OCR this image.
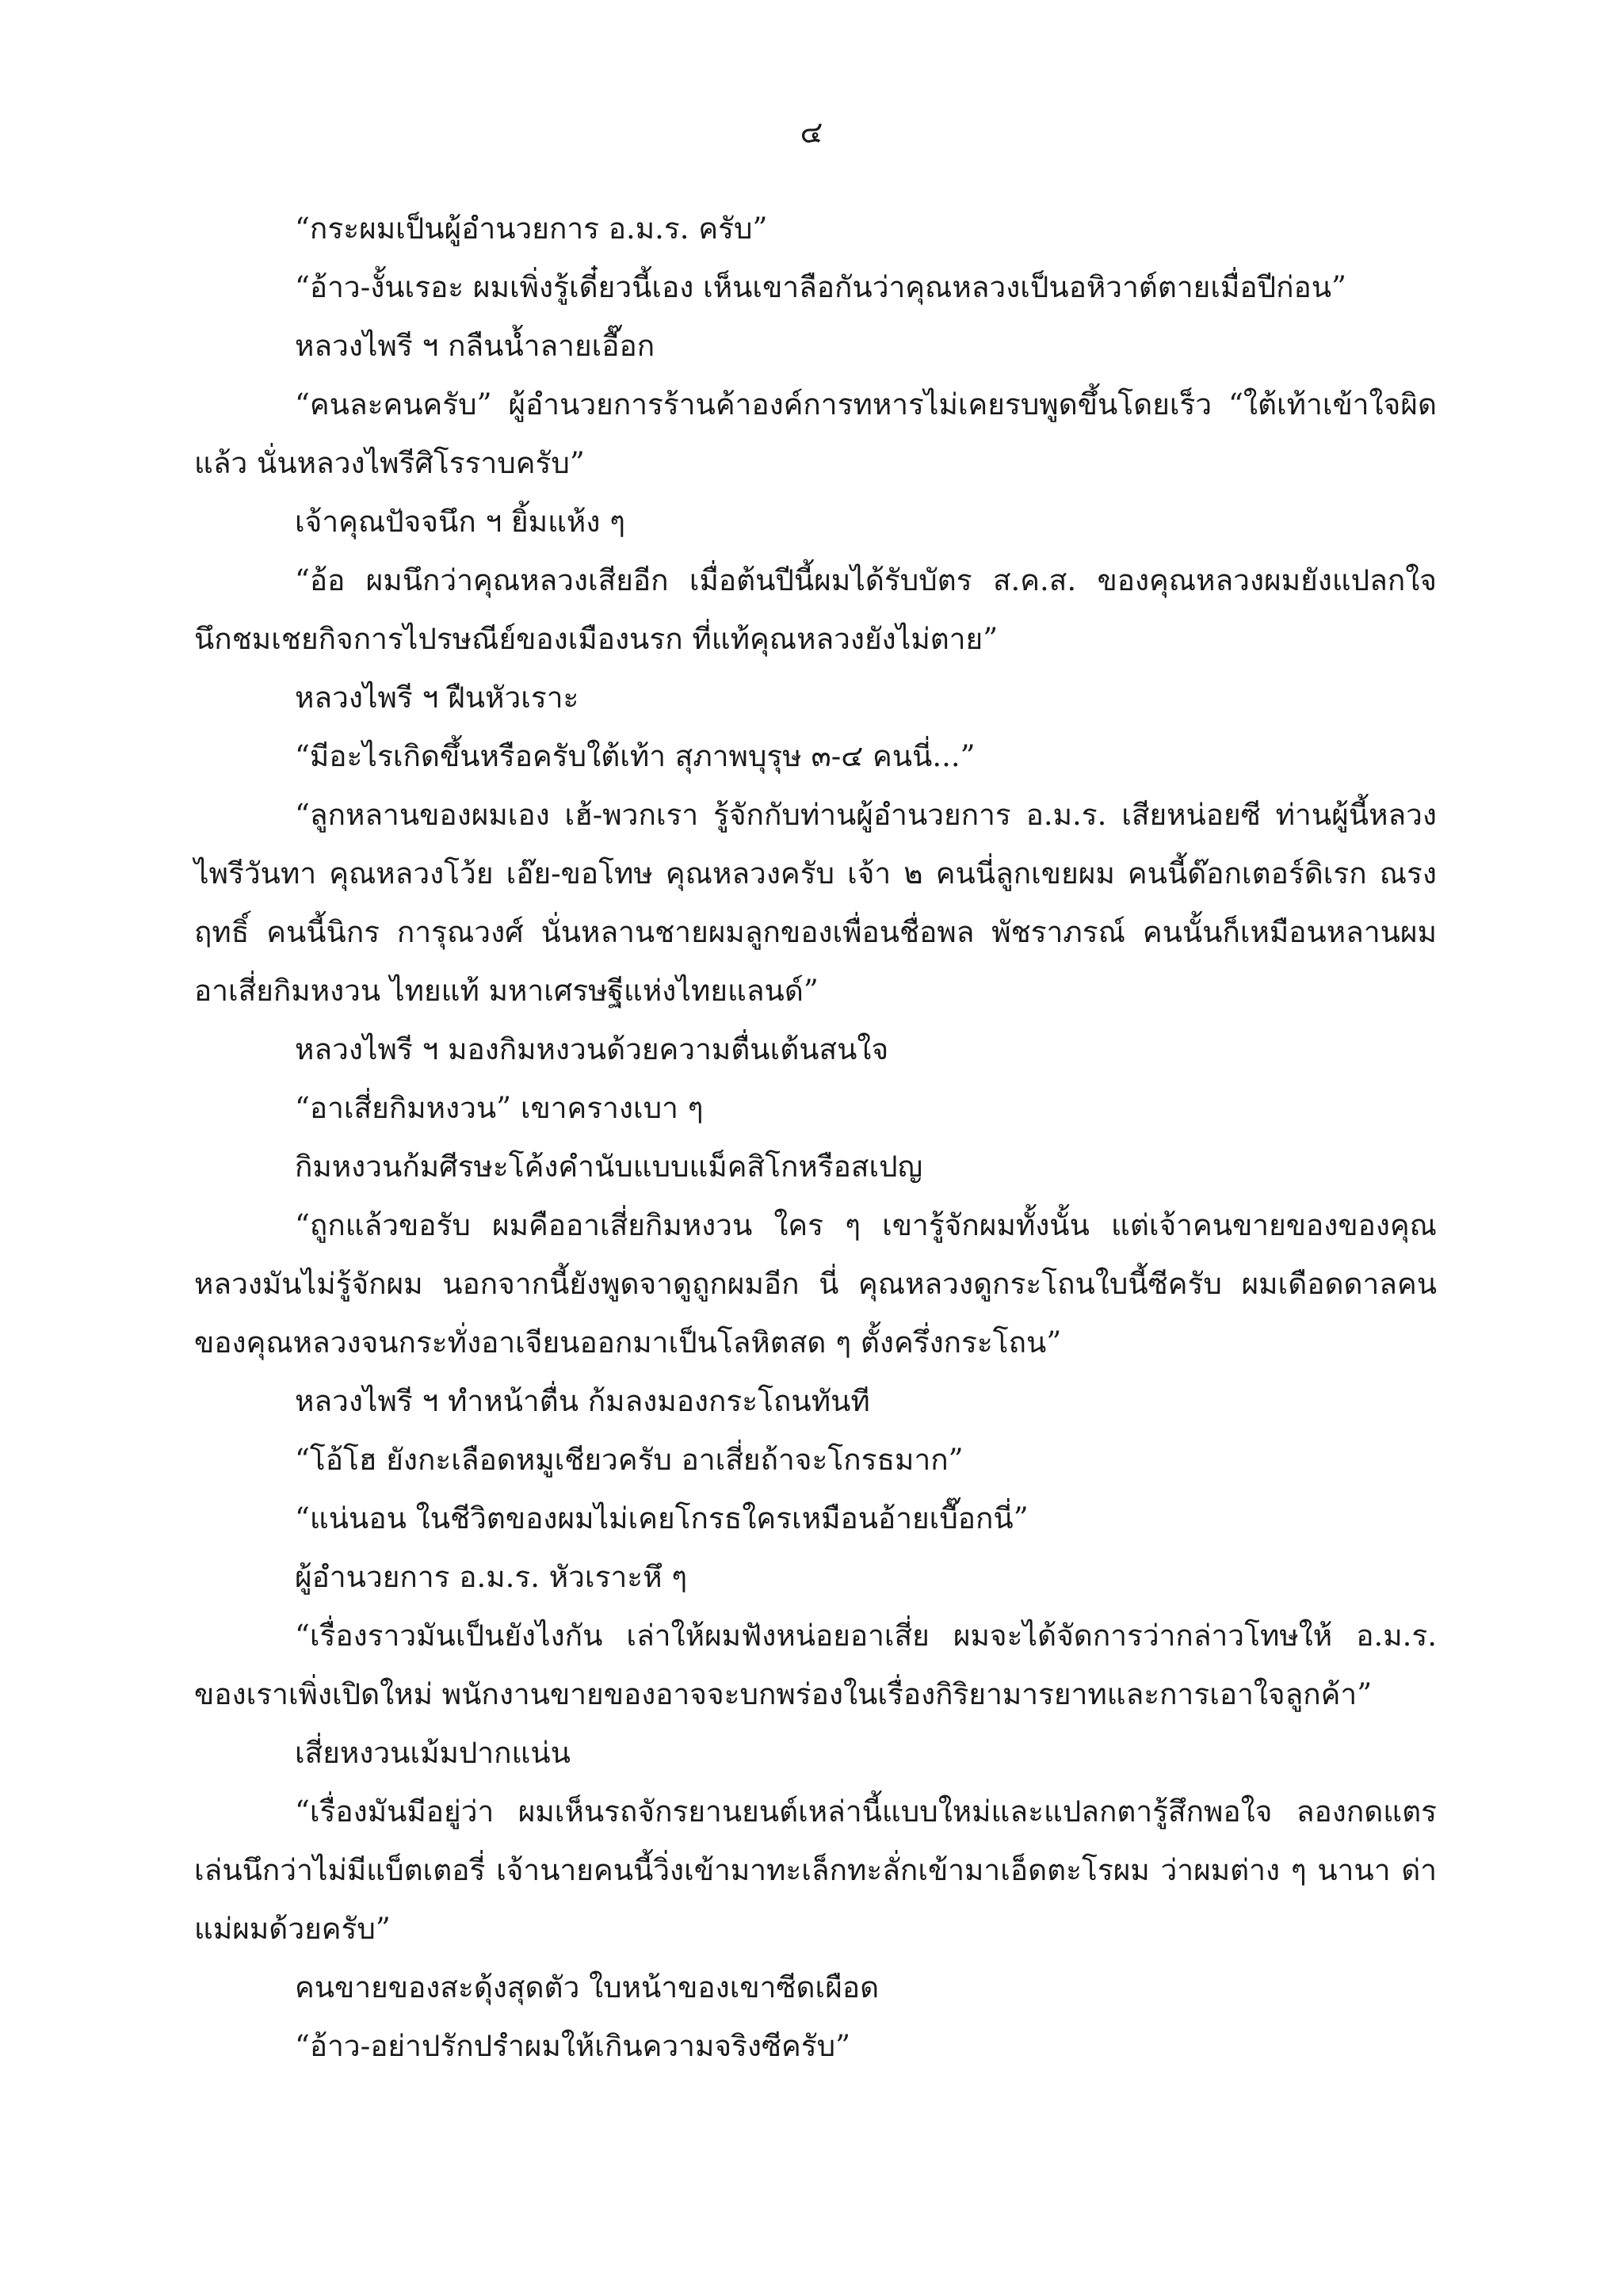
๔

“กระผมเป็นผู้อำนวยการ อ.ม.ร. ครับ”

“อ้าว-งั้นเรอะ ผมเพิ่งรู้เดี๋ยวนี้เอง เห็นเขาลือกันว่าคุณหลวงเป็นอหิวาต์ตายเมื่อปีก่อน”

หลวงไพรี ฯ กลืนน้ำลายเอื๊อก

“คนละคนครับ” ผู้อำนวยการร้านค้าองค์การทหารไม่เคยรบพูดขึ้นโดยเร็ว “ใต้เท้าเข้าใจผิดแล้ว นั่นหลวงไพรีศิโรราบครับ”

เจ้าคุณปัจจนึก ฯ ยิ้มแห้ง ๆ

“อ้อ ผมนึกว่าคุณหลวงเสียอีก เมื่อต้นปีนี้ผมได้รับบัตร ส.ค.ส. ของคุณหลวงผมยังแปลกใจ นึกชมเชยกิจการไปรษณีย์ของเมืองนรก ที่แท้คุณหลวงยังไม่ตาย”

หลวงไพรี ฯ ฝืนหัวเราะ

“มีอะไรเกิดขึ้นหรือครับใต้เท้า สุภาพบุรุษ ๓-๔ คนนี่...”

“ลูกหลานของผมเอง เฮ้-พวกเรา รู้จักกับท่านผู้อำนวยการ อ.ม.ร. เสียหน่อยซี ท่านผู้นี้หลวงไพรีวันทา คุณหลวงโว้ย เอ๊ย-ขอโทษ คุณหลวงครับ เจ้า ๒ คนนี่ลูกเขยผม คนนี้ด๊อกเตอร์ดิเรก ณรงฤทธิ์ คนนี้นิกร การุณวงศ์ นั่นหลานชายผมลูกของเพื่อนชื่อพล พัชราภรณ์ คนนั้นก็เหมือนหลานผม อาเสี่ยกิมหงวน ไทยแท้ มหาเศรษฐีแห่งไทยแลนด์”

หลวงไพรี ฯ มองกิมหงวนด้วยความตื่นเต้นสนใจ

“อาเสี่ยกิมหงวน” เขาครางเบา ๆ

กิมหงวนก้มศีรษะโค้งคำนับแบบแม็คสิโกหรือสเปญ

“ถูกแล้วขอรับ ผมคืออาเสี่ยกิมหงวน ใคร ๆ เขารู้จักผมทั้งนั้น แต่เจ้าคนขายของของคุณหลวงมันไม่รู้จักผม นอกจากนี้ยังพูดจาดูถูกผมอีก นี่ คุณหลวงดูกระโถนใบนี้ซีครับ ผมเดือดดาลคนของคุณหลวงจนกระทั่งอาเจียนออกมาเป็นโลหิตสด ๆ ตั้งครึ่งกระโถน”

หลวงไพรี ฯ ทำหน้าตื่น ก้มลงมองกระโถนทันที

“โอ้โฮ ยังกะเลือดหมูเชียวครับ อาเสี่ยถ้าจะโกรธมาก”

“แน่นอน ในชีวิตของผมไม่เคยโกรธใครเหมือนอ้ายเบื๊อกนี่”

ผู้อำนวยการ อ.ม.ร. หัวเราะหึ ๆ

“เรื่องราวมันเป็นยังไงกัน เล่าให้ผมฟังหน่อยอาเสี่ย ผมจะได้จัดการว่ากล่าวโทษให้ อ.ม.ร. ของเราเพิ่งเปิดใหม่ พนักงานขายของอาจจะบกพร่องในเรื่องกิริยามารยาทและการเอาใจลูกค้า”

เสี่ยหงวนเม้มปากแน่น

“เรื่องมันมีอยู่ว่า ผมเห็นรถจักรยานยนต์เหล่านี้แบบใหม่และแปลกตารู้สึกพอใจ ลองกดแตรเล่นนึกว่าไม่มีแบ็ตเตอรี่ เจ้านายคนนี้วิ่งเข้ามาทะเล็กทะลั่กเข้ามาเอ็ดตะโรผม ว่าผมต่าง ๆ นานา ด่าแม่ผมด้วยครับ”

คนขายของสะดุ้งสุดตัว ใบหน้าของเขาซีดเผือด

“อ้าว-อย่าปรักปรำผมให้เกินความจริงซีครับ”
